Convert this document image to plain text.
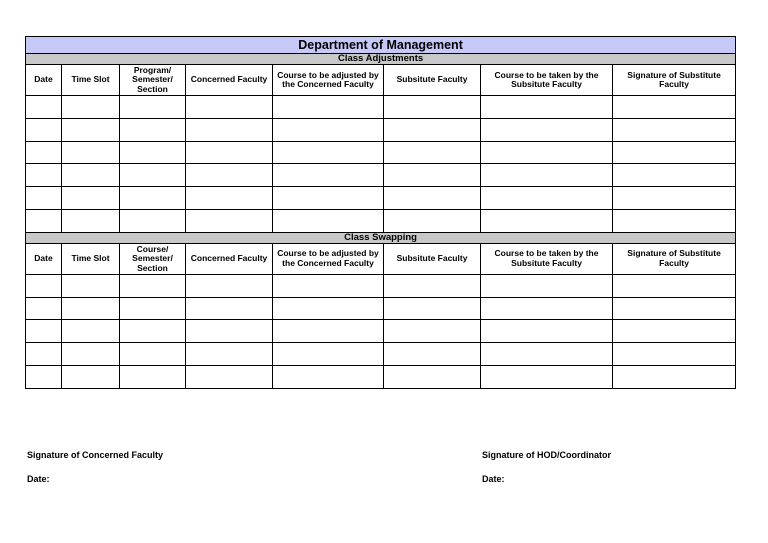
Department of Management							
Class Adjustments							
Date	Time Slot	Program/ Semester/ Section	Concerned Faculty	Course to be adjusted by the Concerned Faculty	Subsitute Faculty	Course to be taken by the Subsitute Faculty	Signature of Substitute Faculty

Class Swapping							
Date	Time Slot	Course/ Semester/ Section	Concerned Faculty	Course to be adjusted by the Concerned Faculty	Subsitute Faculty	Course to be taken by the Subsitute Faculty	Signature of Substitute Faculty

Signature of Concerned Faculty
Date:
Signature of HOD/Coordinator
Date:
